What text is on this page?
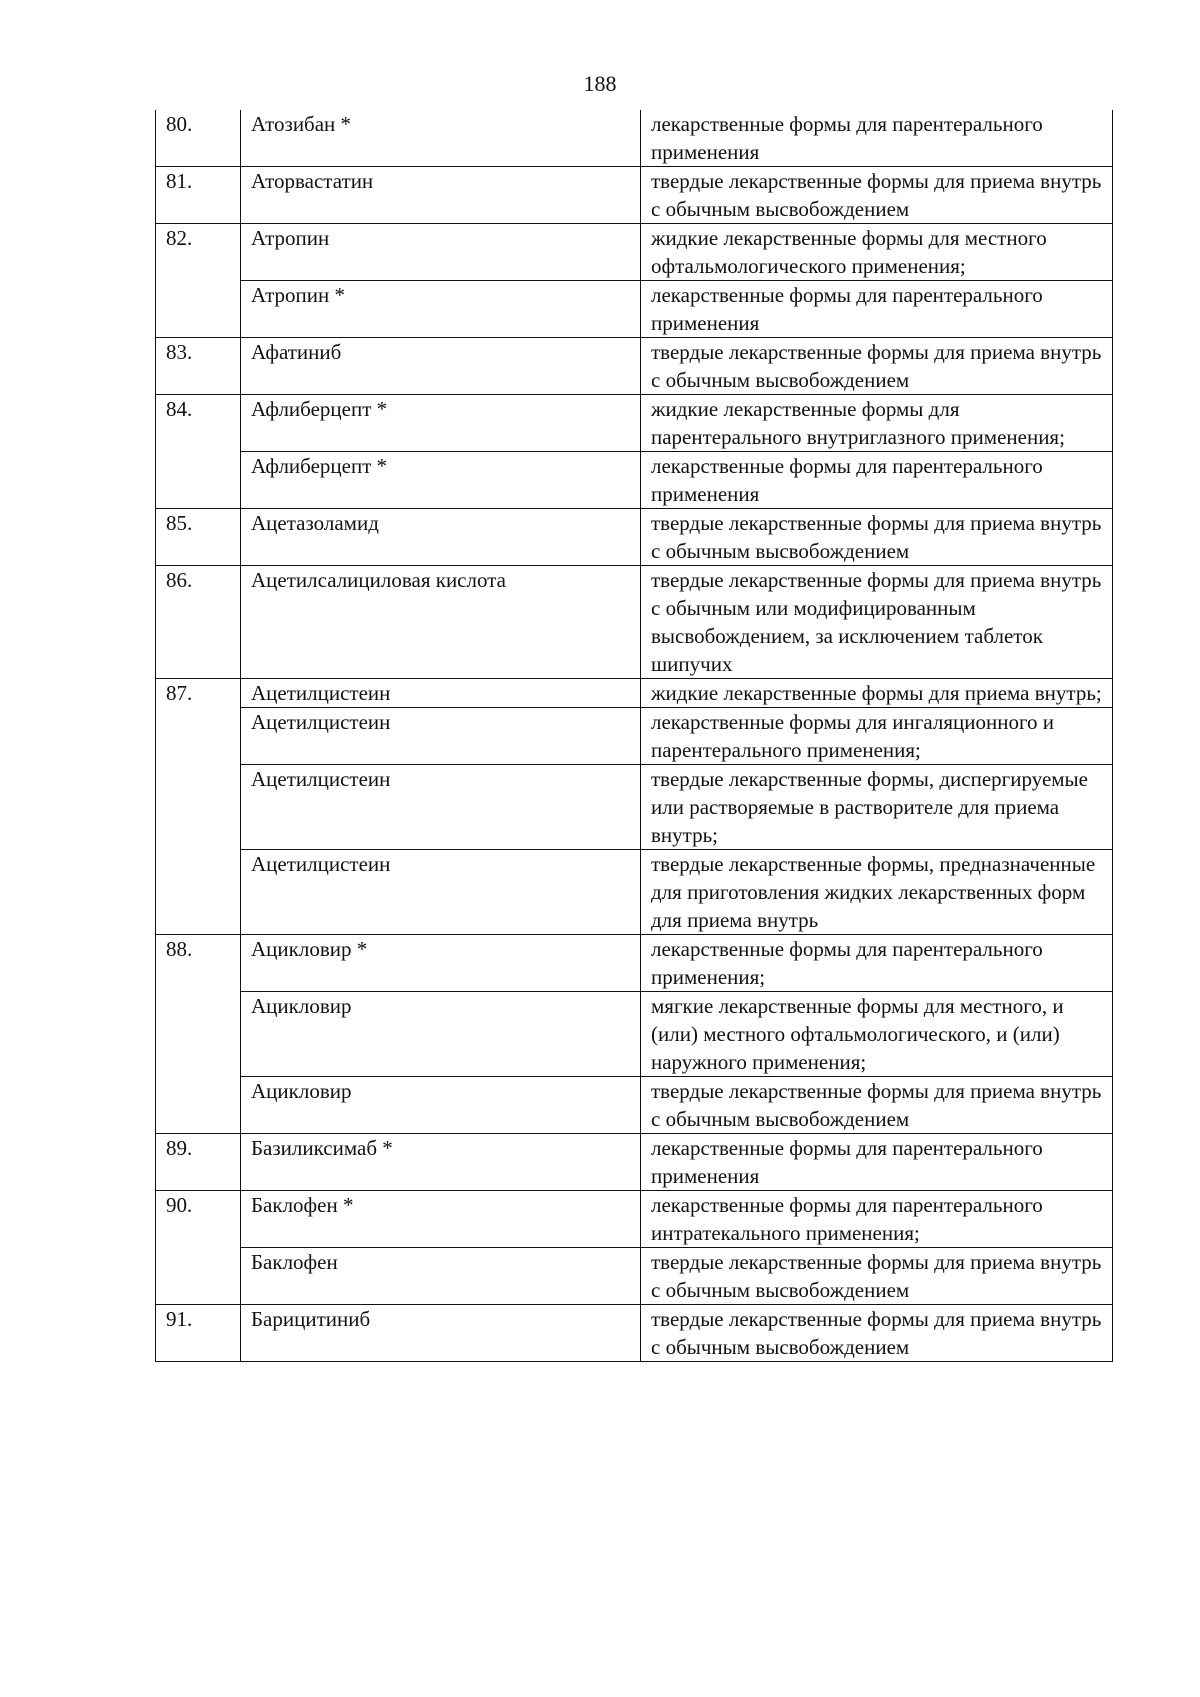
188
80.	Атозибан *	лекарственные формы для парентерального применения
81.	Аторвастатин	твердые лекарственные формы для приема внутрь с обычным высвобождением
82.	Атропин	жидкие лекарственные формы для местного офтальмологического применения;
	Атропин *	лекарственные формы для парентерального применения
83.	Афатиниб	твердые лекарственные формы для приема внутрь с обычным высвобождением
84.	Афлиберцепт *	жидкие лекарственные формы для парентерального внутриглазного применения;
	Афлиберцепт *	лекарственные формы для парентерального применения
85.	Ацетазоламид	твердые лекарственные формы для приема внутрь с обычным высвобождением
86.	Ацетилсалициловая кислота	твердые лекарственные формы для приема внутрь с обычным или модифицированным высвобождением, за исключением таблеток шипучих
87.	Ацетилцистеин	жидкие лекарственные формы для приема внутрь;
	Ацетилцистеин	лекарственные формы для ингаляционного и парентерального применения;
	Ацетилцистеин	твердые лекарственные формы, диспергируемые или растворяемые в растворителе для приема внутрь;
	Ацетилцистеин	твердые лекарственные формы, предназначенные для приготовления жидких лекарственных форм для приема внутрь
88.	Ацикловир *	лекарственные формы для парентерального применения;
	Ацикловир	мягкие лекарственные формы для местного, и (или) местного офтальмологического, и (или) наружного применения;
	Ацикловир	твердые лекарственные формы для приема внутрь с обычным высвобождением
89.	Базиликсимаб *	лекарственные формы для парентерального применения
90.	Баклофен *	лекарственные формы для парентерального интратекального применения;
	Баклофен	твердые лекарственные формы для приема внутрь с обычным высвобождением
91.	Барицитиниб	твердые лекарственные формы для приема внутрь с обычным высвобождением
